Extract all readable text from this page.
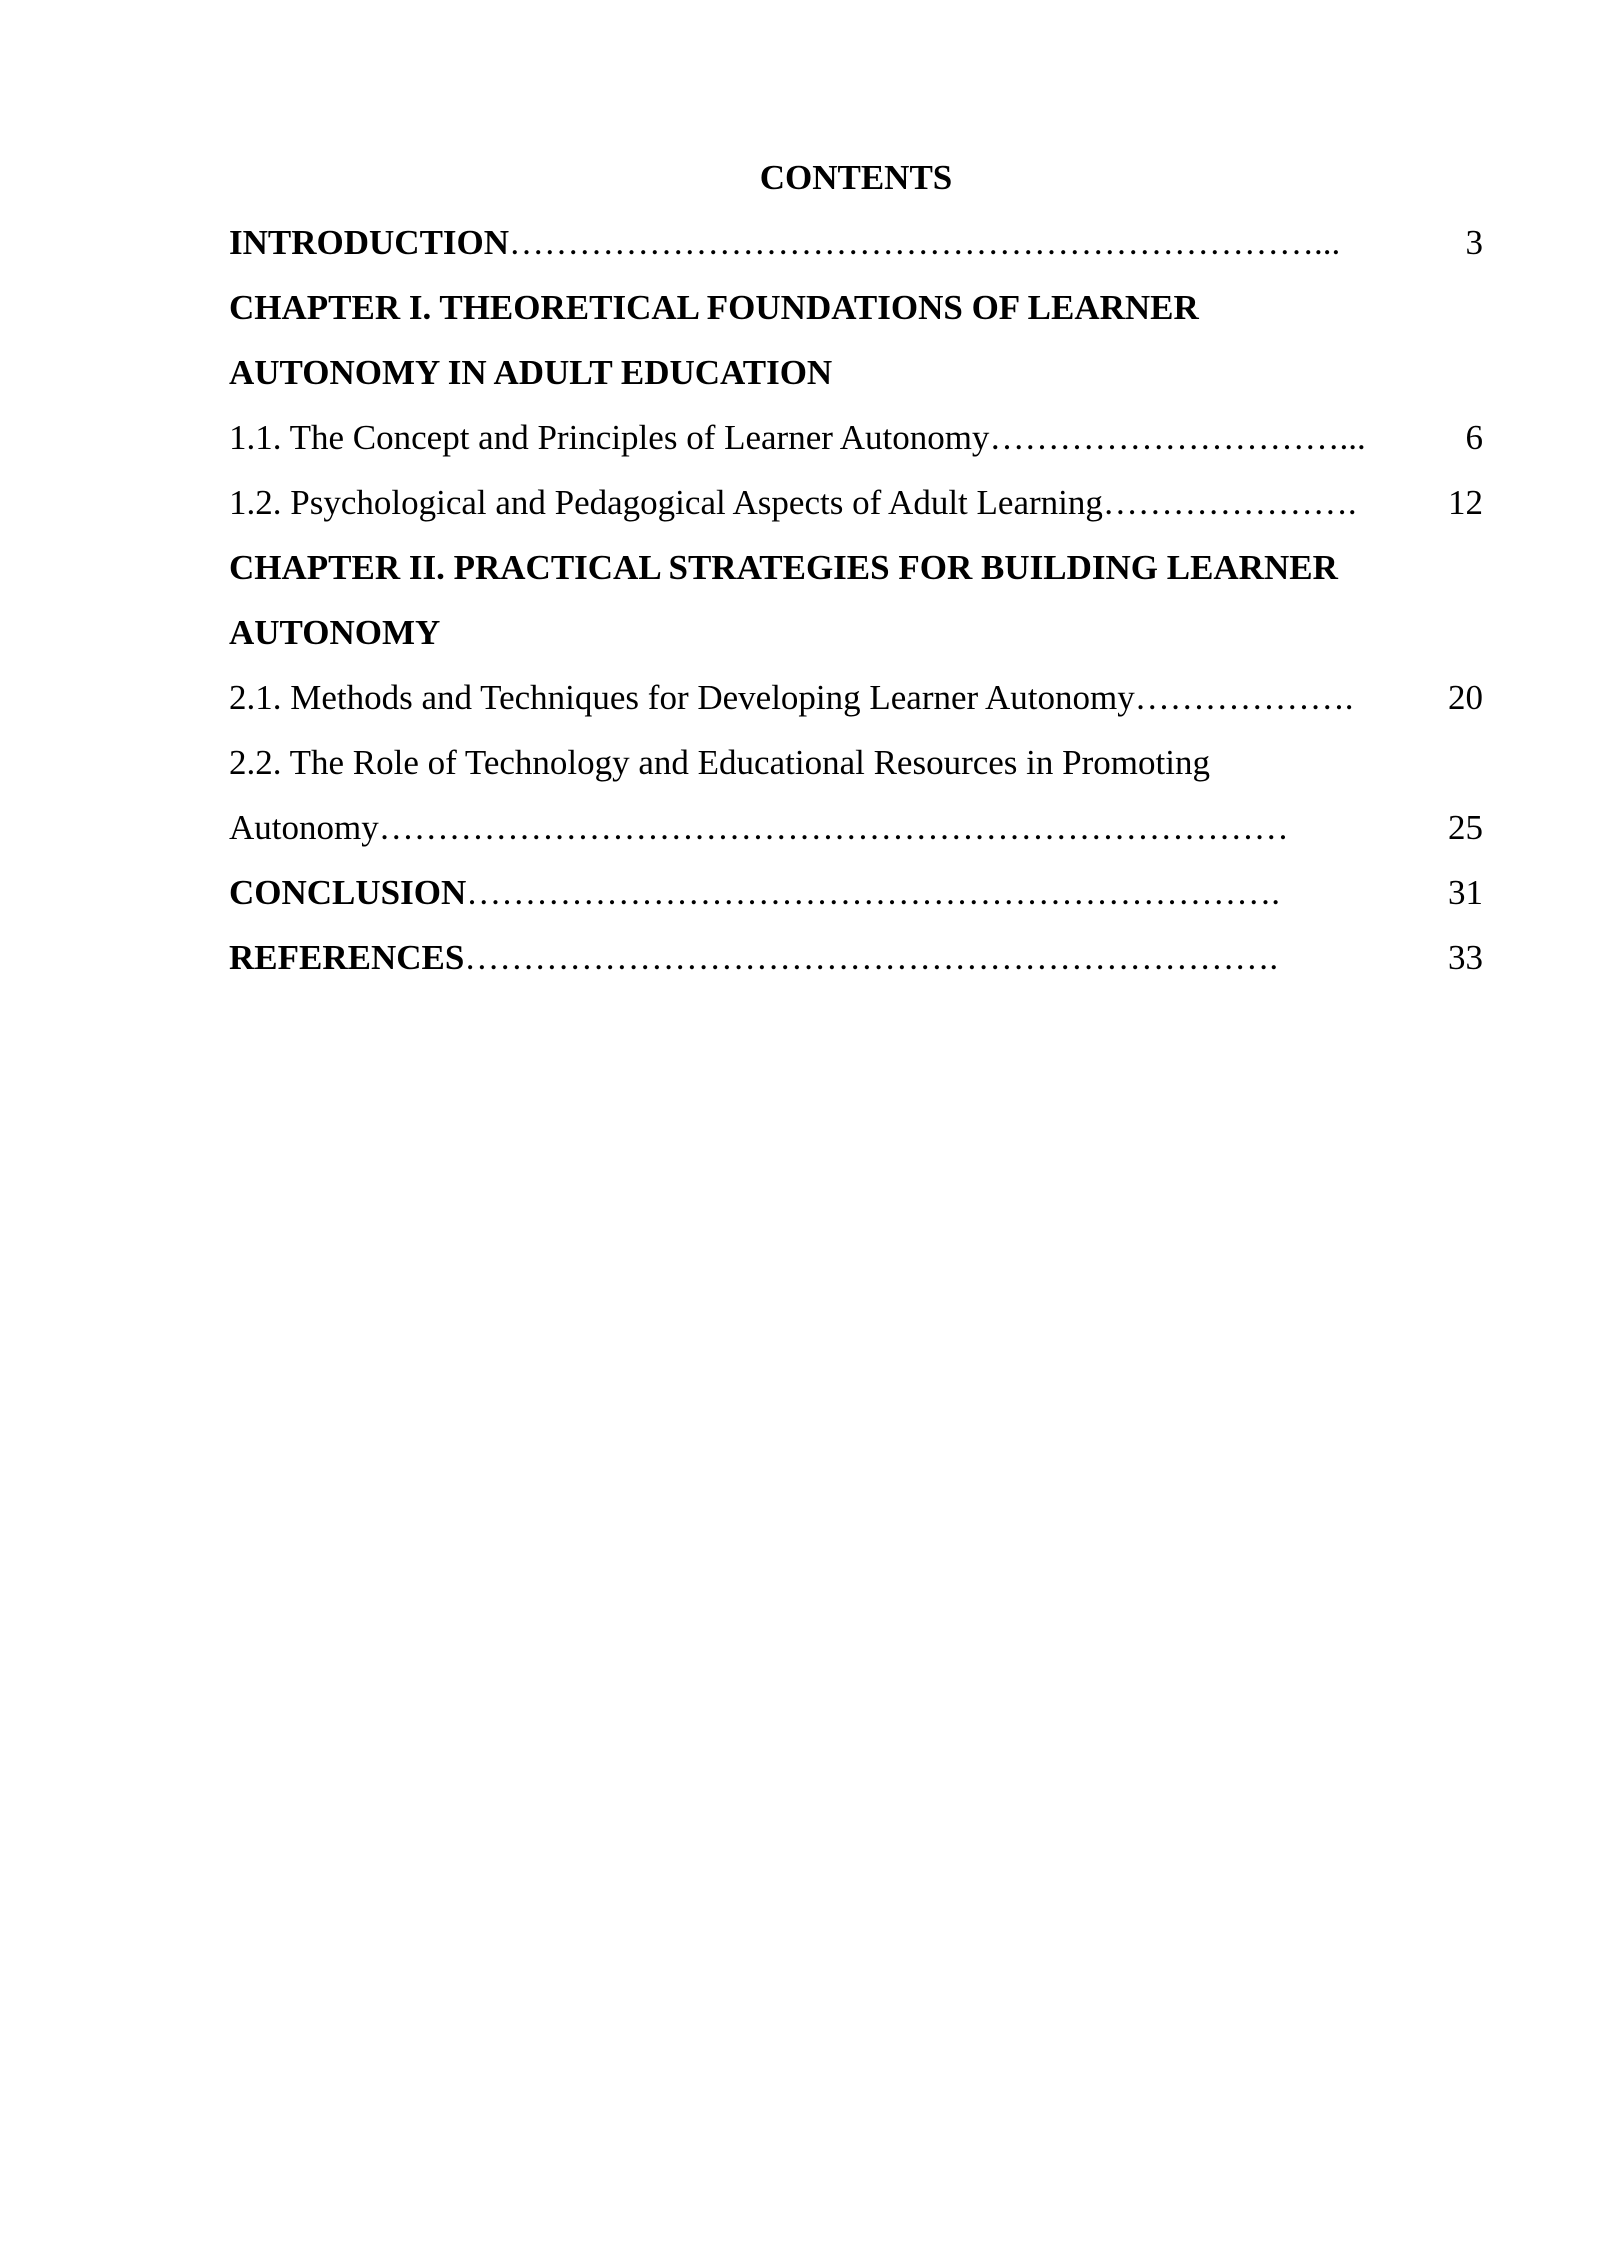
CONTENTS
INTRODUCTION ……………………………………………………………...	3
CHAPTER I. THEORETICAL FOUNDATIONS OF LEARNER
AUTONOMY IN ADULT EDUCATION
1.1. The Concept and Principles of Learner Autonomy …………………………...	6
1.2. Psychological and Pedagogical Aspects of Adult Learning ………………….	12
CHAPTER II. PRACTICAL STRATEGIES FOR BUILDING LEARNER
AUTONOMY
2.1. Methods and Techniques for Developing Learner Autonomy ……………….	20
2.2. The Role of Technology and Educational Resources in Promoting
Autonomy ……………………………………………………………………	25
CONCLUSION …………………………………………………………….	31
REFERENCES …………………………………………………………….	33
